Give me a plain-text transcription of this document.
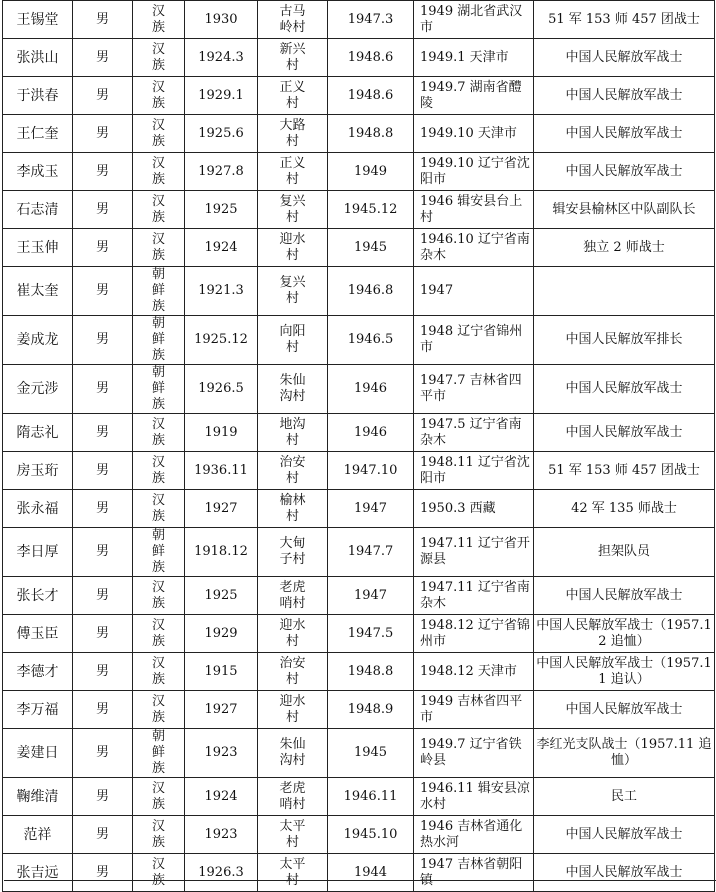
王锡堂	男	汉族	1930	古马岭村	1947.3	1949 湖北省武汉市	51 军 153 师 457 团战士
张洪山	男	汉族	1924.3	新兴村	1948.6	1949.1 天津市	中国人民解放军战士
于洪春	男	汉族	1929.1	正义村	1948.6	1949.7 湖南省醴陵	中国人民解放军战士
王仁奎	男	汉族	1925.6	大路村	1948.8	1949.10 天津市	中国人民解放军战士
李成玉	男	汉族	1927.8	正义村	1949	1949.10 辽宁省沈阳市	中国人民解放军战士
石志清	男	汉族	1925	复兴村	1945.12	1946 辑安县台上村	辑安县榆林区中队副队长
王玉伸	男	汉族	1924	迎水村	1945	1946.10 辽宁省南杂木	独立 2 师战士
崔太奎	男	朝鲜族	1921.3	复兴村	1946.8	1947	
姜成龙	男	朝鲜族	1925.12	向阳村	1946.5	1948 辽宁省锦州市	中国人民解放军排长
金元涉	男	朝鲜族	1926.5	朱仙沟村	1946	1947.7 吉林省四平市	中国人民解放军战士
隋志礼	男	汉族	1919	地沟村	1946	1947.5 辽宁省南杂木	中国人民解放军战士
房玉珩	男	汉族	1936.11	治安村	1947.10	1948.11 辽宁省沈阳市	51 军 153 师 457 团战士
张永福	男	汉族	1927	榆林村	1947	1950.3 西藏	42 军 135 师战士
李日厚	男	朝鲜族	1918.12	大甸子村	1947.7	1947.11 辽宁省开源县	担架队员
张长才	男	汉族	1925	老虎哨村	1947	1947.11 辽宁省南杂木	中国人民解放军战士
傅玉臣	男	汉族	1929	迎水村	1947.5	1948.12 辽宁省锦州市	中国人民解放军战士（1957.12 追恤）
李德才	男	汉族	1915	治安村	1948.8	1948.12 天津市	中国人民解放军战士（1957.11 追认）
李万福	男	汉族	1927	迎水村	1948.9	1949 吉林省四平市	中国人民解放军战士
姜建日	男	朝鲜族	1923	朱仙沟村	1945	1949.7 辽宁省铁岭县	李红光支队战士（1957.11 追恤）
鞠维清	男	汉族	1924	老虎哨村	1946.11	1946.11 辑安县凉水村	民工
范祥	男	汉族	1923	太平村	1945.10	1946 吉林省通化热水河	中国人民解放军战士
张吉远	男	汉族	1926.3	太平村	1944	1947 吉林省朝阳镇	中国人民解放军战士
